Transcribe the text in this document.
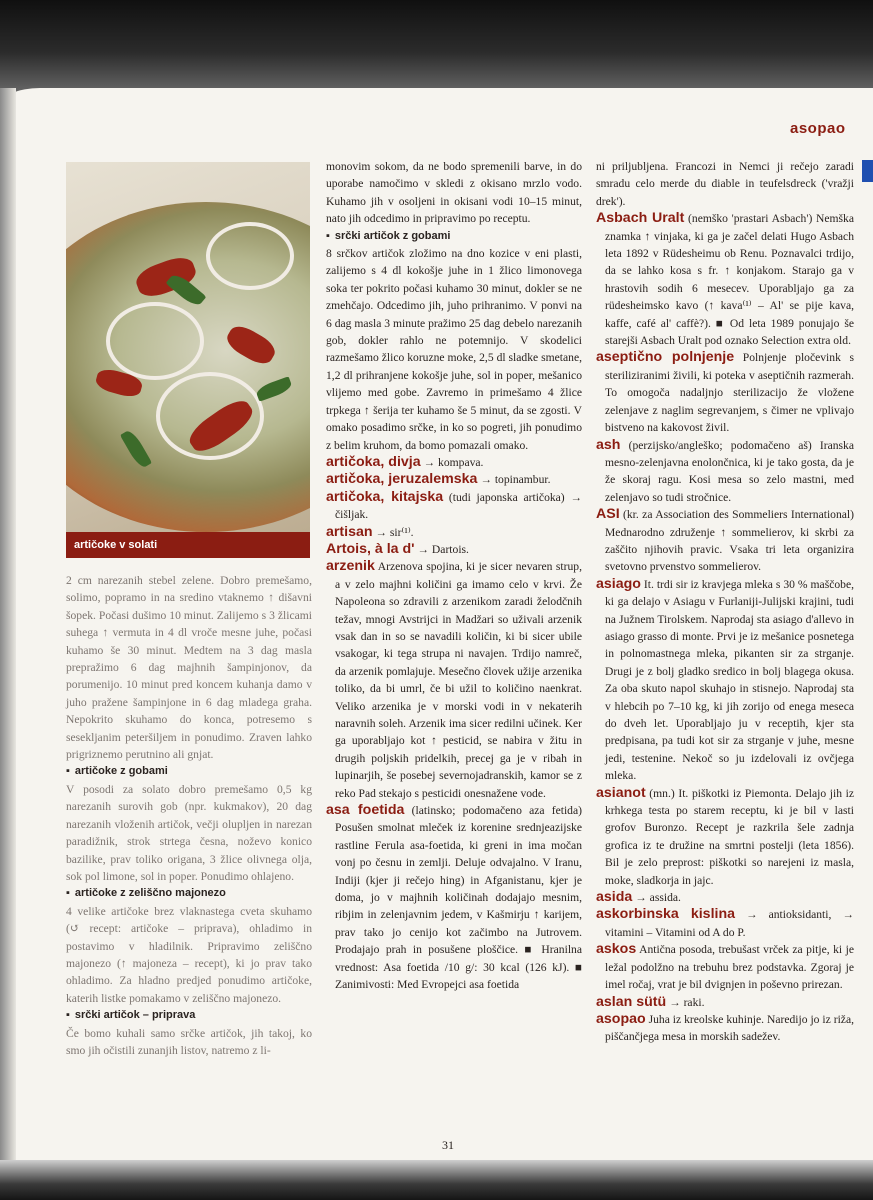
asopao
artičoke v solati

2 cm narezanih stebel zelene. Dobro premešamo, solimo, popramo in na sredino vtaknemo ↑ dišavni šopek. Počasi dušimo 10 minut. Zalijemo s 3 žlicami suhega ↑ vermuta in 4 dl vroče mesne juhe, počasi kuhamo še 30 minut. Medtem na 3 dag masla prepražimo 6 dag majhnih šampinjonov, da porumenijo. 10 minut pred koncem kuhanja damo v juho pražene šampinjone in 6 dag mladega graha. Nepokrito skuhamo do konca, potresemo s sesekljanim peteršiljem in ponudimo. Zraven lahko prigriznemo perutnino ali gnjat.

▪ artičoke z gobami

V posodi za solato dobro premešamo 0,5 kg narezanih surovih gob (npr. kukmakov), 20 dag narezanih vloženih artičok, večji olupljen in narezan paradižnik, strok strtega česna, noževo konico bazilike, prav toliko origana, 3 žlice olivnega olja, sok pol limone, sol in poper. Ponudimo ohlajeno.

▪ artičoke z zeliščno majonezo

4 velike artičoke brez vlaknastega cveta skuhamo (↺ recept: artičoke – priprava), ohladimo in postavimo v hladilnik. Pripravimo zeliščno majonezo (↑ majoneza – recept), ki jo prav tako ohladimo. Za hladno predjed ponudimo artičoke, katerih listke pomakamo v zeliščno majonezo.

▪ srčki artičok – priprava

Če bomo kuhali samo srčke artičok, jih takoj, ko smo jih očistili zunanjih listov, natremo z li-

monovim sokom, da ne bodo spremenili barve, in do uporabe namočimo v skledi z okisano mrzlo vodo. Kuhamo jih v osoljeni in okisani vodi 10–15 minut, nato jih odcedimo in pripravimo po receptu.

▪ srčki artičok z gobami

8 srčkov artičok zložimo na dno kozice v eni plasti, zalijemo s 4 dl kokošje juhe in 1 žlico limonovega soka ter pokrito počasi kuhamo 30 minut, dokler se ne zmehčajo. Odcedimo jih, juho prihranimo. V ponvi na 6 dag masla 3 minute pražimo 25 dag debelo narezanih gob, dokler rahlo ne potemnijo. V skodelici razmešamo žlico koruzne moke, 2,5 dl sladke smetane, 1,2 dl prihranjene kokošje juhe, sol in poper, mešanico vlijemo med gobe. Zavremo in primešamo 4 žlice trpkega ↑ šerija ter kuhamo še 5 minut, da se zgosti. V omako posadimo srčke, in ko so pogreti, jih ponudimo z belim kruhom, da bomo pomazali omako.

artičoka, divja → kompava.

artičoka, jeruzalemska → topinambur.

artičoka, kitajska (tudi japonska artičoka) → čišljak.

artisan → sir⁽¹⁾.

Artois, à la d' → Dartois.

arzenik Arzenova spojina, ki je sicer nevaren strup, a v zelo majhni količini ga imamo celo v krvi. Že Napoleona so zdravili z arzenikom zaradi želodčnih težav, mnogi Avstrijci in Madžari so uživali arzenik vsak dan in so se navadili količin, ki bi sicer ubile vsakogar, ki tega strupa ni navajen. Trdijo namreč, da arzenik pomlajuje. Mesečno človek užije arzenika toliko, da bi umrl, če bi užil to količino naenkrat. Veliko arzenika je v morski vodi in v nekaterih naravnih soleh. Arzenik ima sicer redilni učinek. Ker ga uporabljajo kot ↑ pesticid, se nabira v žitu in drugih poljskih pridelkih, precej ga je v ribah in lupinarjih, še posebej severnojadranskih, kamor se z reko Pad stekajo s pesticidi onesnažene vode.

asa foetida (latinsko; podomačeno aza fetida) Posušen smolnat mleček iz korenine srednjeazijske rastline Ferula asa-foetida, ki greni in ima močan vonj po česnu in zemlji. Deluje odvajalno. V Iranu, Indiji (kjer ji rečejo hing) in Afganistanu, kjer je doma, jo v majhnih količinah dodajajo mesnim, ribjim in zelenjavnim jedem, v Kašmirju ↑ karijem, prav tako jo cenijo kot začimbo na Jutrovem. Prodajajo prah in posušene ploščice. ■ Hranilna vrednost: Asa foetida /10 g/: 30 kcal (126 kJ). ■ Zanimivosti: Med Evropejci asa foetida

ni priljubljena. Francozi in Nemci ji rečejo zaradi smradu celo merde du diable in teufelsdreck ('vražji drek').

Asbach Uralt (nemško 'prastari Asbach') Nemška znamka ↑ vinjaka, ki ga je začel delati Hugo Asbach leta 1892 v Rüdesheimu ob Renu. Poznavalci trdijo, da se lahko kosa s fr. ↑ konjakom. Starajo ga v hrastovih sodih 6 mesecev. Uporabljajo ga za rüdesheimsko kavo (↑ kava⁽¹⁾ – Al' se pije kava, kaffe, café al' caffè?). ■ Od leta 1989 ponujajo še starejši Asbach Uralt pod oznako Selection extra old.

aseptično polnjenje Polnjenje pločevink s steriliziranimi živili, ki poteka v aseptičnih razmerah. To omogoča nadaljnjo sterilizacijo že vložene zelenjave z naglim segrevanjem, s čimer ne vplivajo bistveno na kakovost živil.

ash (perzijsko/angleško; podomačeno aš) Iranska mesno-zelenjavna enolončnica, ki je tako gosta, da je že skoraj ragu. Kosi mesa so zelo mastni, med zelenjavo so tudi stročnice.

ASI (kr. za Association des Sommeliers International) Mednarodno združenje ↑ sommelierov, ki skrbi za zaščito njihovih pravic. Vsaka tri leta organizira svetovno prvenstvo sommelierov.

asiago It. trdi sir iz kravjega mleka s 30 % maščobe, ki ga delajo v Asiagu v Furlaniji-Julijski krajini, tudi na Južnem Tirolskem. Naprodaj sta asiago d'allevo in asiago grasso di monte. Prvi je iz mešanice posnetega in polnomastnega mleka, pikanten sir za strganje. Drugi je z bolj gladko sredico in bolj blagega okusa. Za oba skuto napol skuhajo in stisnejo. Naprodaj sta v hlebcih po 7–10 kg, ki jih zorijo od enega meseca do dveh let. Uporabljajo ju v receptih, kjer sta predpisana, pa tudi kot sir za strganje v juhe, mesne jedi, testenine. Nekoč so ju izdelovali iz ovčjega mleka.

asianot (mn.) It. piškotki iz Piemonta. Delajo jih iz krhkega testa po starem receptu, ki je bil v lasti grofov Buronzo. Recept je razkrila šele zadnja grofica iz te družine na smrtni postelji (leta 1856). Bil je zelo preprost: piškotki so narejeni iz masla, moke, sladkorja in jajc.

asida → assida.

askorbinska kislina → antioksidanti, → vitamini – Vitamini od A do P.

askos Antična posoda, trebušast vrček za pitje, ki je ležal podolžno na trebuhu brez podstavka. Zgoraj je imel ročaj, vrat je bil dvignjen in poševno prirezan.

aslan sütü → raki.

asopao Juha iz kreolske kuhinje. Naredijo jo iz riža, piščančjega mesa in morskih sadežev.

31
